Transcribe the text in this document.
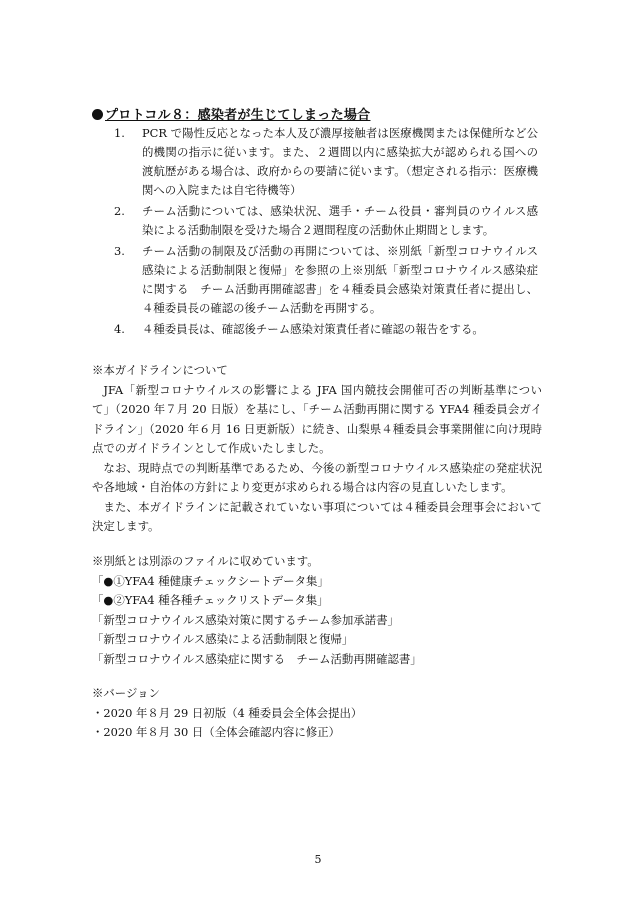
プロトコル８：感染者が生じてしまった場合
1. PCR で陽性反応となった本人及び濃厚接触者は医療機関または保健所など公的機関の指示に従います。また、２週間以内に感染拡大が認められる国への渡航歴がある場合は、政府からの要請に従います。（想定される指示：医療機関への入院または自宅待機等）
2. チーム活動については、感染状況、選手・チーム役員・審判員のウイルス感染による活動制限を受けた場合２週間程度の活動休止期間とします。
3. チーム活動の制限及び活動の再開については、※別紙「新型コロナウイルス感染による活動制限と復帰」を参照の上※別紙「新型コロナウイルス感染症に関する　チーム活動再開確認書」を４種委員会感染対策責任者に提出し、４種委員長の確認の後チーム活動を再開する。
4. ４種委員長は、確認後チーム感染対策責任者に確認の報告をする。

※本ガイドラインについて

JFA「新型コロナウイルスの影響による JFA 国内競技会開催可否の判断基準について」（2020 年７月 20 日版）を基にし、「チーム活動再開に関する YFA4 種委員会ガイドライン」（2020 年６月 16 日更新版）に続き、山梨県４種委員会事業開催に向け現時点でのガイドラインとして作成いたしました。

なお、現時点での判断基準であるため、今後の新型コロナウイルス感染症の発症状況や各地域・自治体の方針により変更が求められる場合は内容の見直しいたします。

また、本ガイドラインに記載されていない事項については４種委員会理事会において決定します。

※別紙とは別添のファイルに収めています。

「●①YFA4 種健康チェックシートデータ集」

「●②YFA4 種各種チェックリストデータ集」

「新型コロナウイルス感染対策に関するチーム参加承諾書」

「新型コロナウイルス感染による活動制限と復帰」

「新型コロナウイルス感染症に関する　チーム活動再開確認書」

※バージョン

・2020 年８月 29 日初版（4 種委員会全体会提出）

・2020 年８月 30 日（全体会確認内容に修正）

5
